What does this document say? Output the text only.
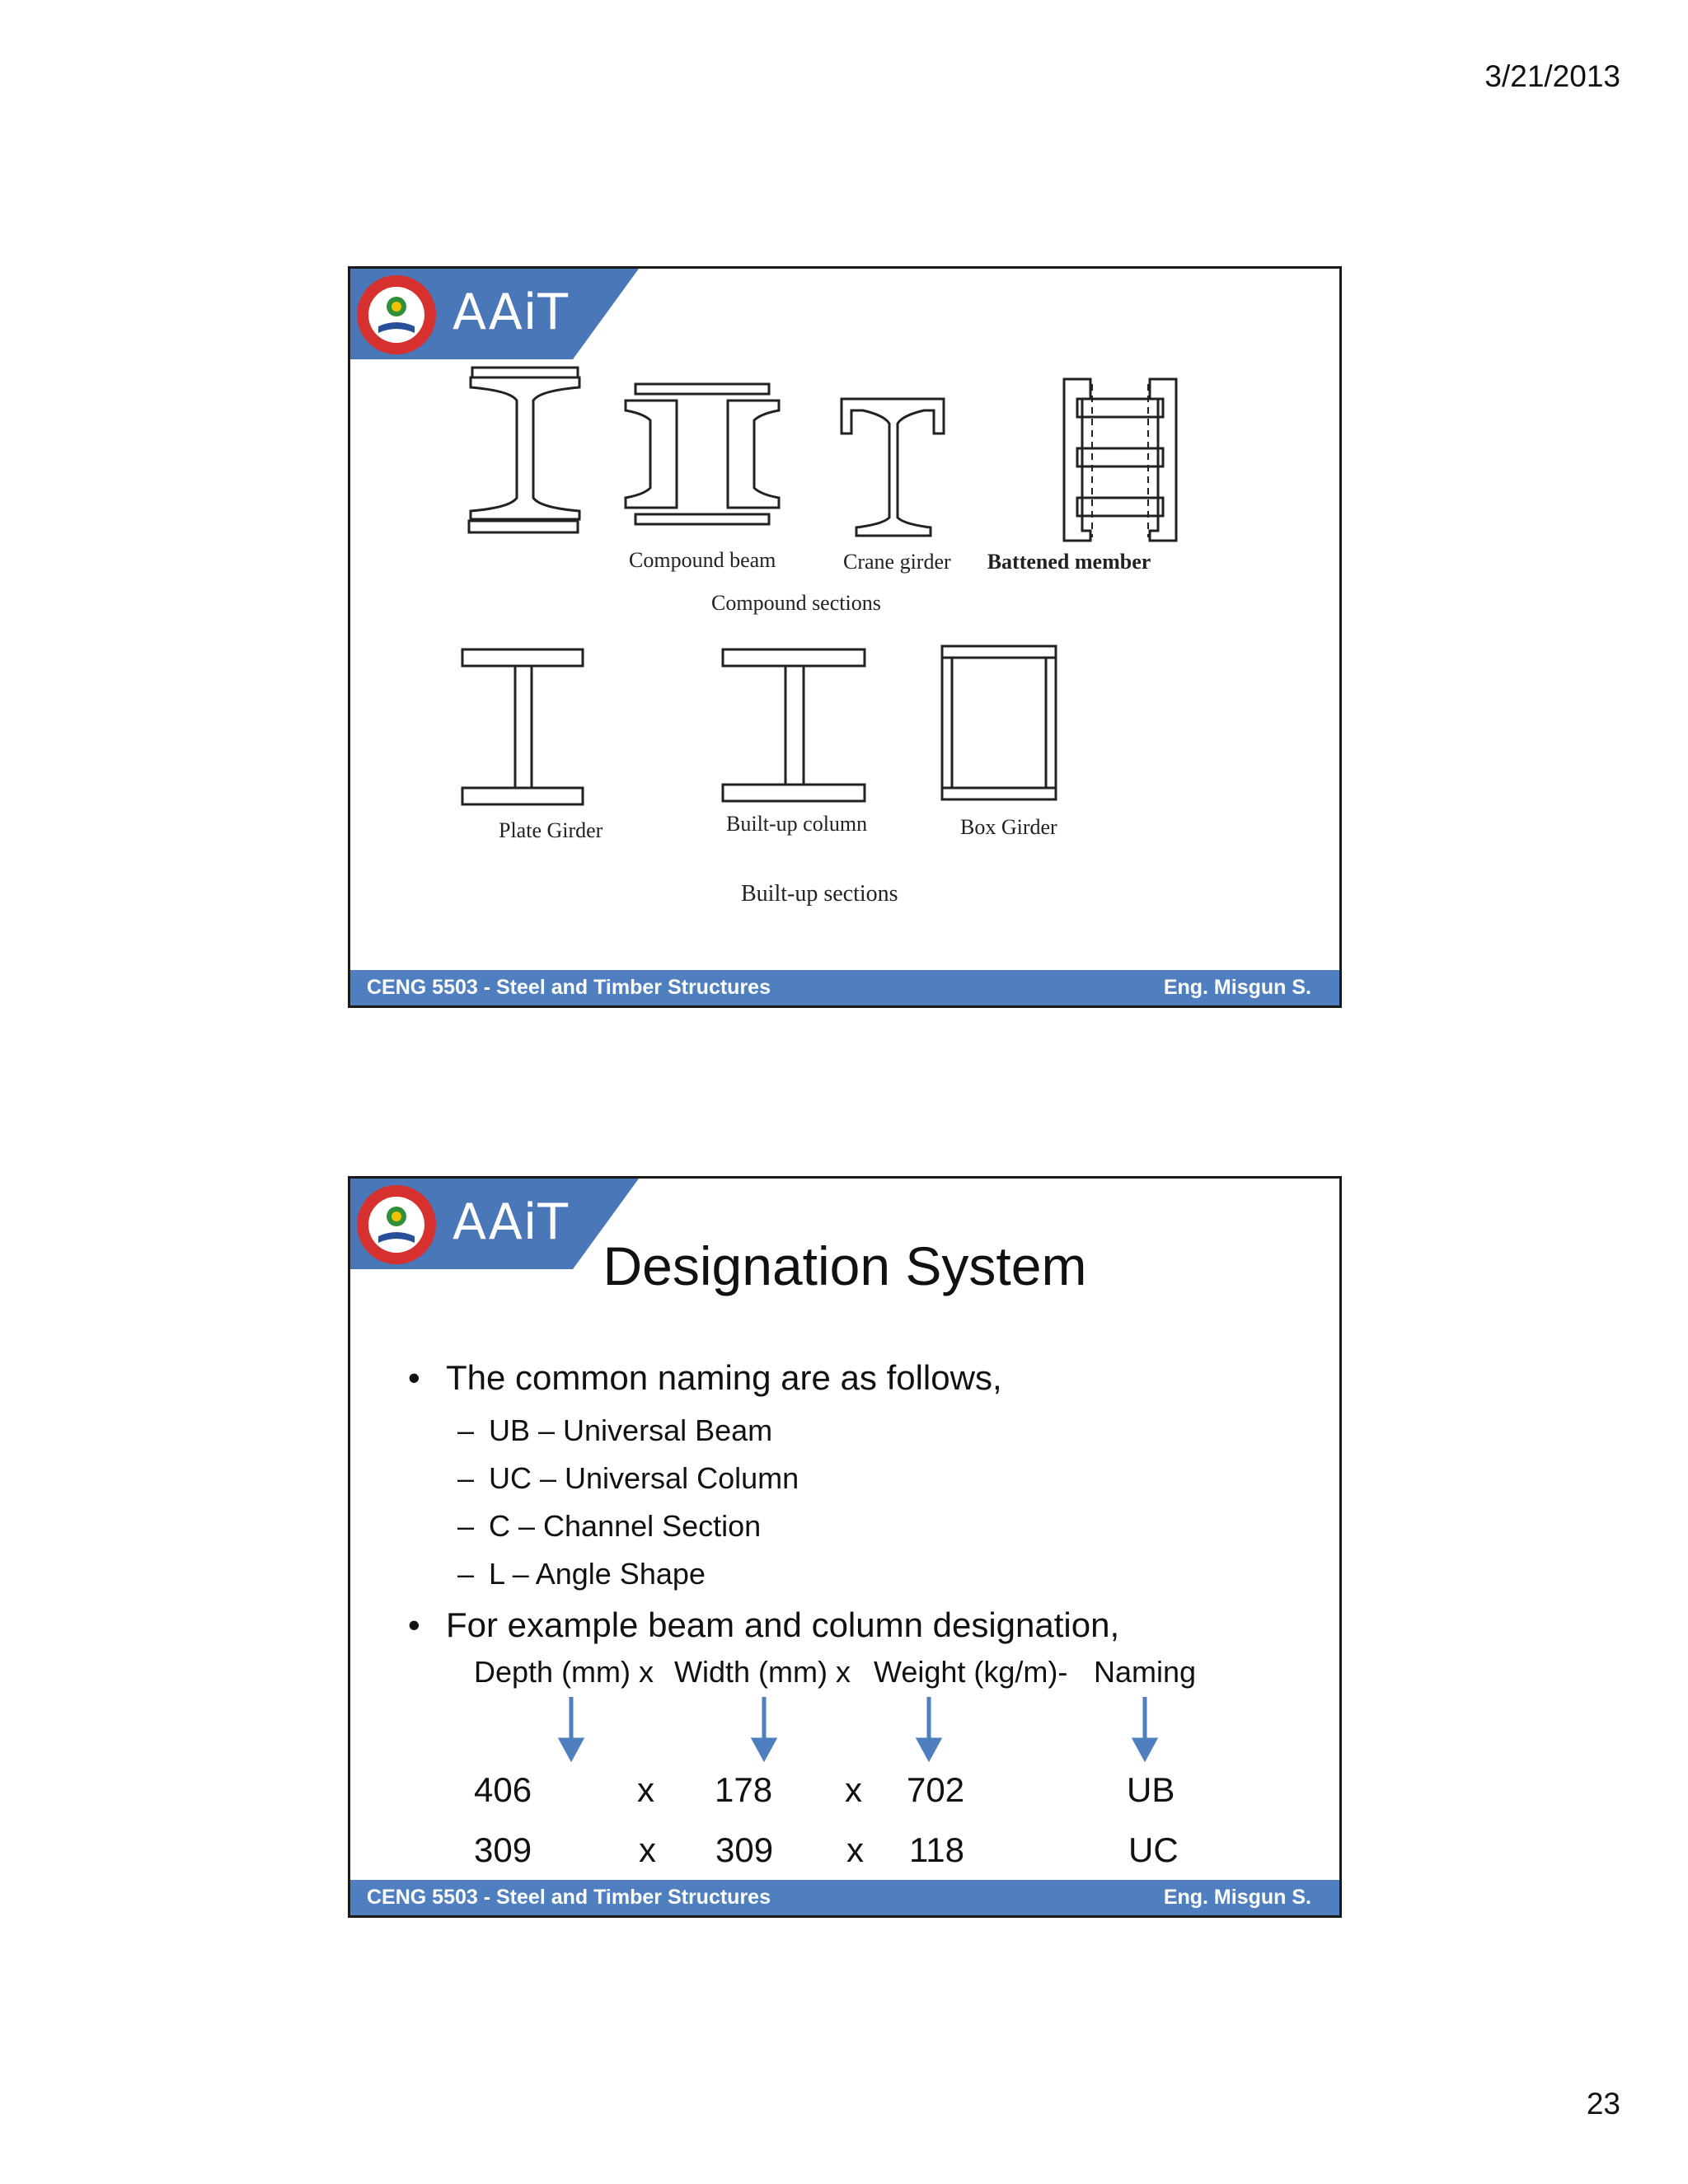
3/21/2013
AAiT
Compound beam	Crane girder Battened member
Compound sections
Plate Girder	Built-up column	Box Girder
Built-up sections
CENG 5503 - Steel and Timber Structures	Eng. Misgun S.
AAiT
Designation System
• The common naming are as follows,
– UB – Universal Beam
– UC – Universal Column
– C – Channel Section
– L – Angle Shape
• For example beam and column designation,
Depth (mm) x Width (mm) x Weight (kg/m)- Naming
406	x 178 x 702	UB
309	x 309 x 118	UC
CENG 5503 - Steel and Timber Structures	Eng. Misgun S.
23
